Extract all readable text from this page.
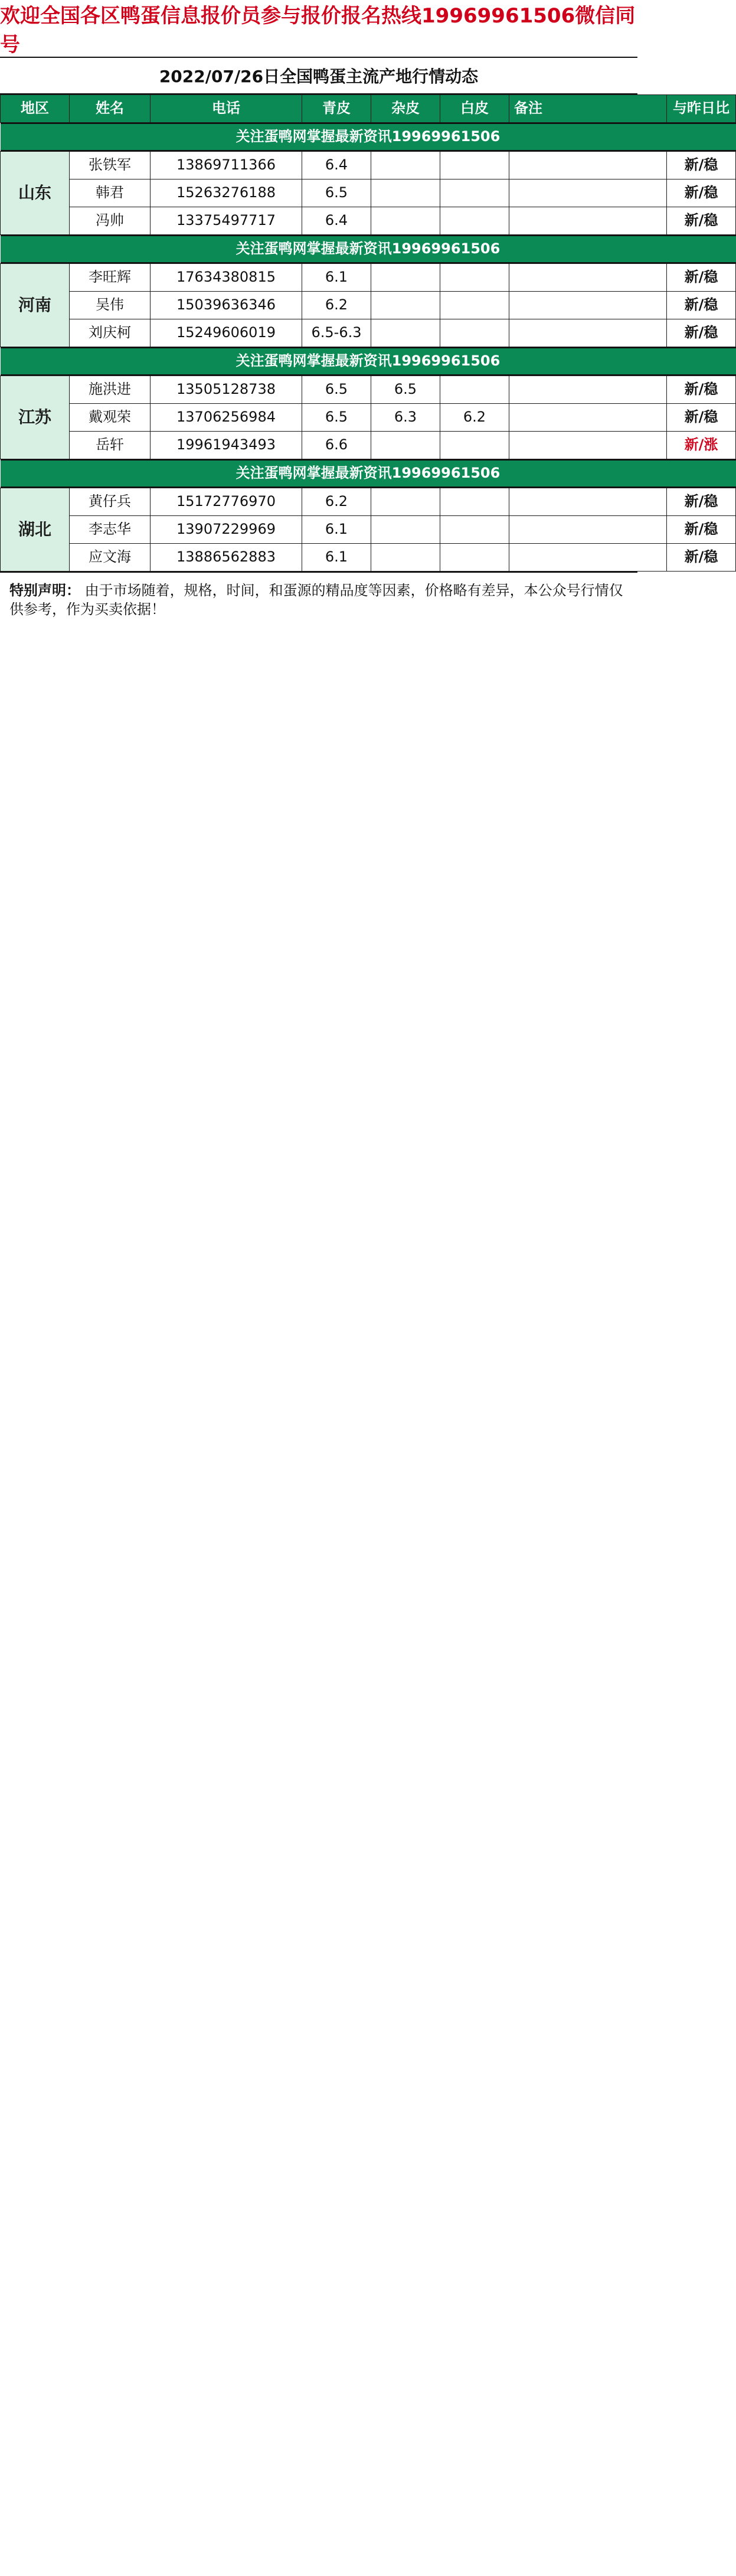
欢迎全国各区鸭蛋信息报价员参与报价报名热线19969961506微信同号
2022/07/26日全国鸭蛋主流产地行情动态
地区	姓名	电话	青皮	杂皮	白皮	备注	与昨日比

关注蛋鸭网掌握最新资讯19969961506							

山东	张铁军	13869711366	6.4				新/稳
	韩君	15263276188	6.5				新/稳
	冯帅	13375497717	6.4				新/稳

关注蛋鸭网掌握最新资讯19969961506							

河南	李旺辉	17634380815	6.1				新/稳
	吴伟	15039636346	6.2				新/稳
	刘庆柯	15249606019	6.5-6.3				新/稳

关注蛋鸭网掌握最新资讯19969961506							

江苏	施洪进	13505128738	6.5	6.5			新/稳
	戴观荣	13706256984	6.5	6.3	6.2		新/稳
	岳轩	19961943493	6.6				新/涨

关注蛋鸭网掌握最新资讯19969961506							

湖北	黄仔兵	15172776970	6.2				新/稳
	李志华	13907229969	6.1				新/稳
	应文海	13886562883	6.1				新/稳
特别声明： 由于市场随着，规格，时间，和蛋源的精品度等因素，价格略有差异，本公众号行情仅供参考，作为买卖依据！
